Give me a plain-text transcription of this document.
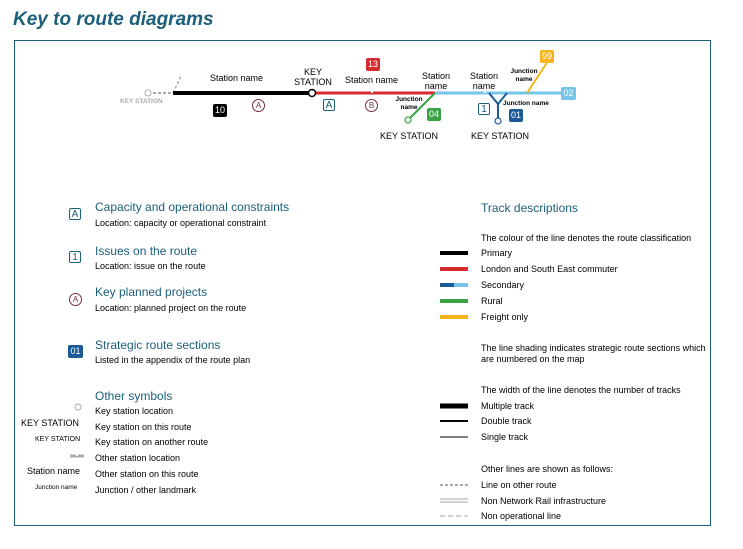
Key to route diagrams
KEY STATION
Station name
KEY
STATION Station name	Station
name
Station
name
Junction
name
Junction
name
Junction name
KEY STATION	KEY STATION
10
13
99
04
02
01
A	B
A	1
A
Capacity and operational constraints
Location: capacity or operational constraint
1 Issues on the route
Location: issue on the route
A
Key planned projects
Location: planned project on the route
01 Strategic route sections
Listed in the appendix of the route plan
Other symbols
KEY STATION
KEY STATION
Station name
Junction name
Key station location
Key station on this route
Key station on another route
Other station location
Other station on this route
Junction / other landmark
Track descriptions
The colour of the line denotes the route classification
Primary
London and South East commuter
Secondary
Rural
Freight only
The line shading indicates strategic route sections which are numbered on the map
The width of the line denotes the number of tracks
Multiple track
Double track
Single track
Other lines are shown as follows:
Line on other route
Non Network Rail infrastructure
Non operational line
